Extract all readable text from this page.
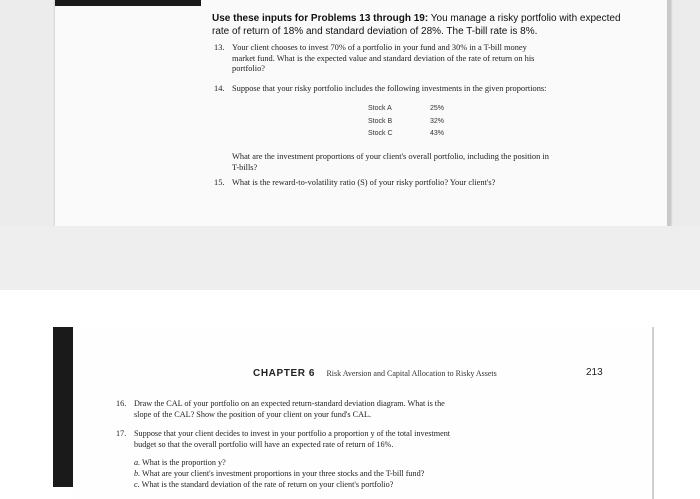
Use these inputs for Problems 13 through 19: You manage a risky portfolio with expected rate of return of 18% and standard deviation of 28%. The T-bill rate is 8%.
13. Your client chooses to invest 70% of a portfolio in your fund and 30% in a T-bill money
market fund. What is the expected value and standard deviation of the rate of return on his
portfolio?
14. Suppose that your risky portfolio includes the following investments in the given proportions:
Stock A	25%
Stock B	32%
Stock C	43%
What are the investment proportions of your client's overall portfolio, including the position in
T-bills?
15. What is the reward-to-volatility ratio (S) of your risky portfolio? Your client's?
CHAPTER 6 Risk Aversion and Capital Allocation to Risky Assets	213
16. Draw the CAL of your portfolio on an expected return-standard deviation diagram. What is the
slope of the CAL? Show the position of your client on your fund's CAL.
17. Suppose that your client decides to invest in your portfolio a proportion y of the total investment
budget so that the overall portfolio will have an expected rate of return of 16%.
a. What is the proportion y?
b. What are your client's investment proportions in your three stocks and the T-bill fund?
c. What is the standard deviation of the rate of return on your client's portfolio?
